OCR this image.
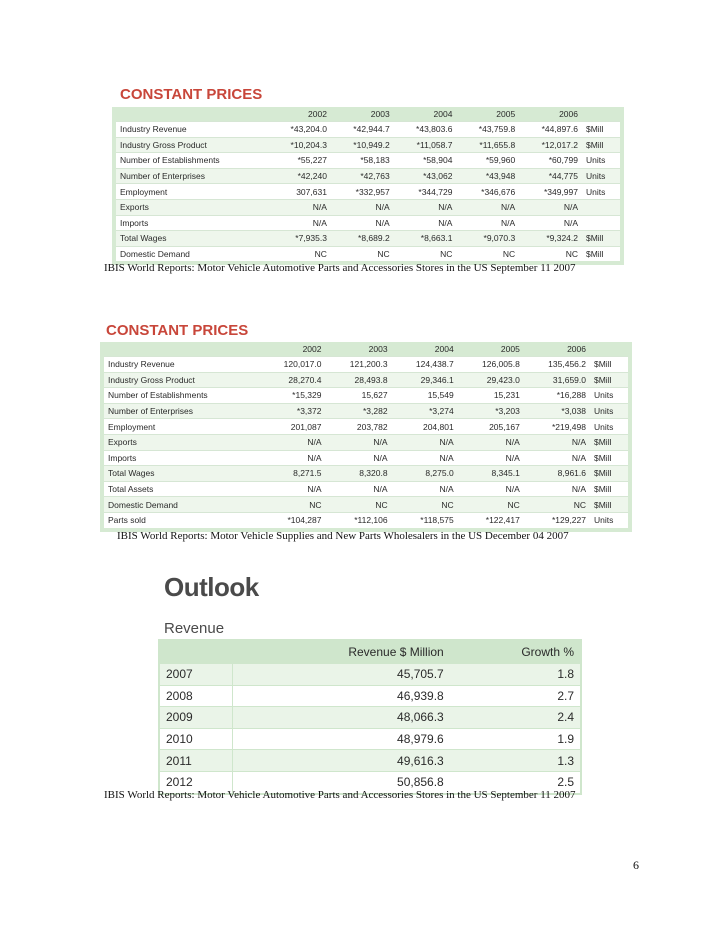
CONSTANT PRICES
	2002	2003	2004	2005	2006	
Industry Revenue	*43,204.0	*42,944.7	*43,803.6	*43,759.8	*44,897.6	$Mill
Industry Gross Product	*10,204.3	*10,949.2	*11,058.7	*11,655.8	*12,017.2	$Mill
Number of Establishments	*55,227	*58,183	*58,904	*59,960	*60,799	Units
Number of Enterprises	*42,240	*42,763	*43,062	*43,948	*44,775	Units
Employment	307,631	*332,957	*344,729	*346,676	*349,997	Units
Exports	N/A	N/A	N/A	N/A	N/A	
Imports	N/A	N/A	N/A	N/A	N/A	
Total Wages	*7,935.3	*8,689.2	*8,663.1	*9,070.3	*9,324.2	$Mill
Domestic Demand	NC	NC	NC	NC	NC	$Mill
IBIS World Reports: Motor Vehicle Automotive Parts and Accessories Stores in the US September 11 2007
CONSTANT PRICES
	2002	2003	2004	2005	2006	
Industry Revenue	120,017.0	121,200.3	124,438.7	126,005.8	135,456.2	$Mill
Industry Gross Product	28,270.4	28,493.8	29,346.1	29,423.0	31,659.0	$Mill
Number of Establishments	*15,329	15,627	15,549	15,231	*16,288	Units
Number of Enterprises	*3,372	*3,282	*3,274	*3,203	*3,038	Units
Employment	201,087	203,782	204,801	205,167	*219,498	Units
Exports	N/A	N/A	N/A	N/A	N/A	$Mill
Imports	N/A	N/A	N/A	N/A	N/A	$Mill
Total Wages	8,271.5	8,320.8	8,275.0	8,345.1	8,961.6	$Mill
Total Assets	N/A	N/A	N/A	N/A	N/A	$Mill
Domestic Demand	NC	NC	NC	NC	NC	$Mill
Parts sold	*104,287	*112,106	*118,575	*122,417	*129,227	Units
IBIS World Reports: Motor Vehicle Supplies and New Parts Wholesalers in the US December 04 2007
Outlook
Revenue
	Revenue $ Million	Growth %
2007	45,705.7	1.8
2008	46,939.8	2.7
2009	48,066.3	2.4
2010	48,979.6	1.9
2011	49,616.3	1.3
2012	50,856.8	2.5
IBIS World Reports: Motor Vehicle Automotive Parts and Accessories Stores in the US September 11 2007
6
